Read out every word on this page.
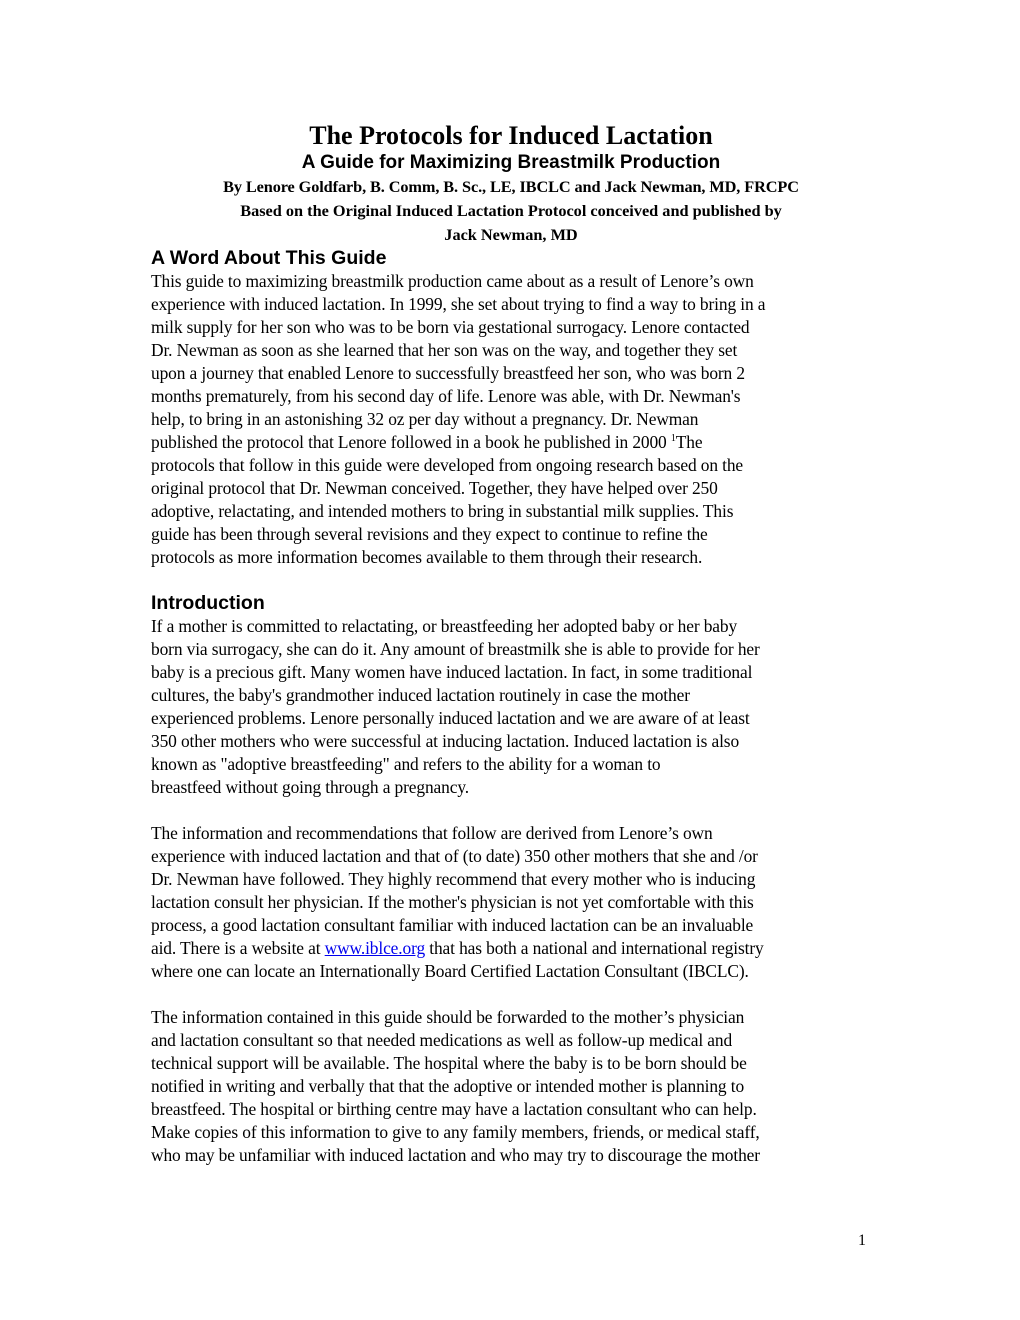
The Protocols for Induced Lactation
A Guide for Maximizing Breastmilk Production
By Lenore Goldfarb, B. Comm, B. Sc., LE, IBCLC and Jack Newman, MD, FRCPC
Based on the Original Induced Lactation Protocol conceived and published by
Jack Newman, MD
A Word About This Guide
This guide to maximizing breastmilk production came about as a result of Lenore’s own
experience with induced lactation. In 1999, she set about trying to find a way to bring in a
milk supply for her son who was to be born via gestational surrogacy. Lenore contacted
Dr. Newman as soon as she learned that her son was on the way, and together they set
upon a journey that enabled Lenore to successfully breastfeed her son, who was born 2
months prematurely, from his second day of life. Lenore was able, with Dr. Newman's
help, to bring in an astonishing 32 oz per day without a pregnancy. Dr. Newman
published the protocol that Lenore followed in a book he published in 2000 $^1$The
protocols that follow in this guide were developed from ongoing research based on the
original protocol that Dr. Newman conceived. Together, they have helped over 250
adoptive, relactating, and intended mothers to bring in substantial milk supplies. This
guide has been through several revisions and they expect to continue to refine the
protocols as more information becomes available to them through their research.
Introduction
If a mother is committed to relactating, or breastfeeding her adopted baby or her baby
born via surrogacy, she can do it. Any amount of breastmilk she is able to provide for her
baby is a precious gift. Many women have induced lactation. In fact, in some traditional
cultures, the baby's grandmother induced lactation routinely in case the mother
experienced problems. Lenore personally induced lactation and we are aware of at least
350 other mothers who were successful at inducing lactation. Induced lactation is also
known as "adoptive breastfeeding" and refers to the ability for a woman to
breastfeed without going through a pregnancy.
The information and recommendations that follow are derived from Lenore’s own
experience with induced lactation and that of (to date) 350 other mothers that she and /or
Dr. Newman have followed. They highly recommend that every mother who is inducing
lactation consult her physician. If the mother's physician is not yet comfortable with this
process, a good lactation consultant familiar with induced lactation can be an invaluable
aid. There is a website at www.iblce.org that has both a national and international registry
where one can locate an Internationally Board Certified Lactation Consultant (IBCLC).
The information contained in this guide should be forwarded to the mother’s physician
and lactation consultant so that needed medications as well as follow-up medical and
technical support will be available. The hospital where the baby is to be born should be
notified in writing and verbally that that the adoptive or intended mother is planning to
breastfeed. The hospital or birthing centre may have a lactation consultant who can help.
Make copies of this information to give to any family members, friends, or medical staff,
who may be unfamiliar with induced lactation and who may try to discourage the mother
1
